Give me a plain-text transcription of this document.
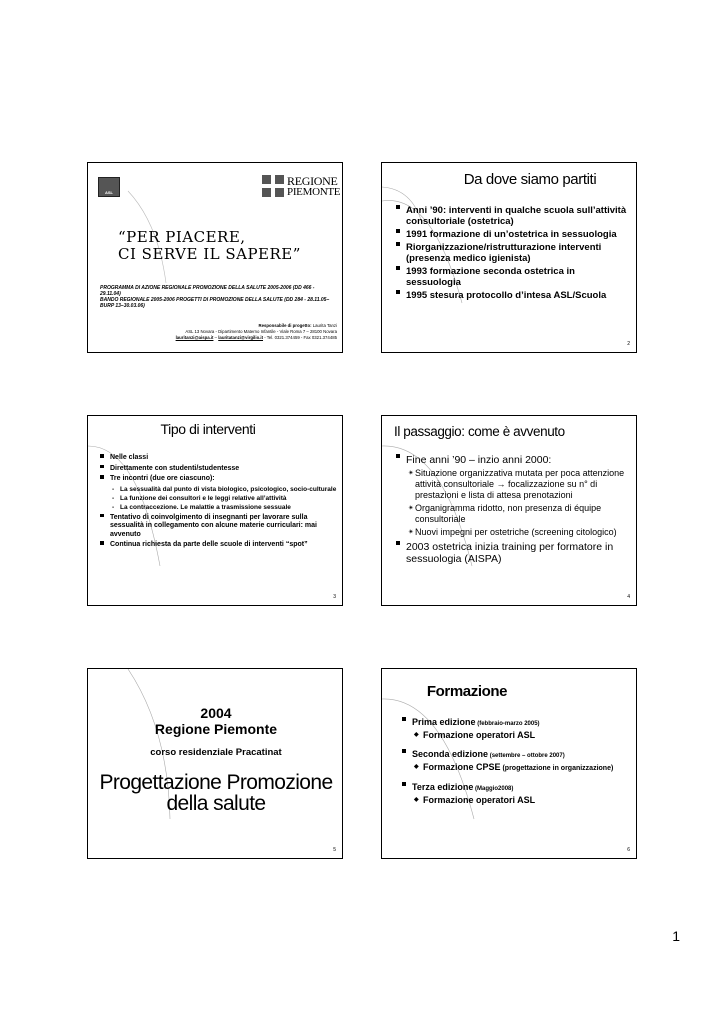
ASL
REGIONE
PIEMONTE
“PER PIACERE,
CI SERVE IL SAPERE”
PROGRAMMA DI AZIONE REGIONALE PROMOZIONE DELLA SALUTE 2005-2006 (DD 466 - 29.11.04)
BANDO REGIONALE 2005-2006 PROGETTI DI PROMOZIONE DELLA SALUTE (DD 284 - 28.11.05–BURP 13–30.03.06)
Responsabile di progetto: Laurita Tanzi
ASL 13 Novara - Dipartimento Materno Infantile - Viale Roma 7 – 28100 Novara
lauritanzi@aispa.it – lauritatanzi@virgilio.it - Tel. 0321.374459 - Fax 0321.374485
Da dove siamo partiti
Anni ’90: interventi in qualche scuola sull’attività consultoriale (ostetrica)
1991 formazione di un’ostetrica in sessuologia
Riorganizzazione/ristrutturazione interventi (presenza medico igienista)
1993 formazione seconda ostetrica in sessuologia
1995 stesura protocollo d’intesa ASL/Scuola
2
Tipo di interventi
Nelle classi
Direttamente con studenti/studentesse
Tre incontri (due ore ciascuno):
- La sessualità dal punto di vista biologico, psicologico, socio-culturale
- La funzione dei consultori e le leggi relative all’attività
- La contraccezione. Le malattie a trasmissione sessuale
Tentativo di coinvolgimento di insegnanti per lavorare sulla sessualità in collegamento con alcune materie curriculari: mai avvenuto
Continua richiesta da parte delle scuole di interventi “spot”
3
Il passaggio: come è avvenuto
Fine anni ’90 – inzio anni 2000:
✴ Situazione organizzativa mutata per poca attenzione attività consultoriale → focalizzazione su n° di prestazioni e lista di attesa prenotazioni
✴ Organigramma ridotto, non presenza di équipe consultoriale
✴ Nuovi impegni per ostetriche (screening citologico)
2003 ostetrica inizia training per formatore in sessuologia (AISPA)
4
2004
Regione Piemonte
corso residenziale Pracatinat
Progettazione Promozione
della salute
5
Formazione
Prima edizione (febbraio-marzo 2005)
◆ Formazione operatori ASL
Seconda edizione (settembre – ottobre 2007)
◆ Formazione CPSE (progettazione in organizzazione)
Terza edizione (Maggio2008)
◆ Formazione operatori ASL
6
1
